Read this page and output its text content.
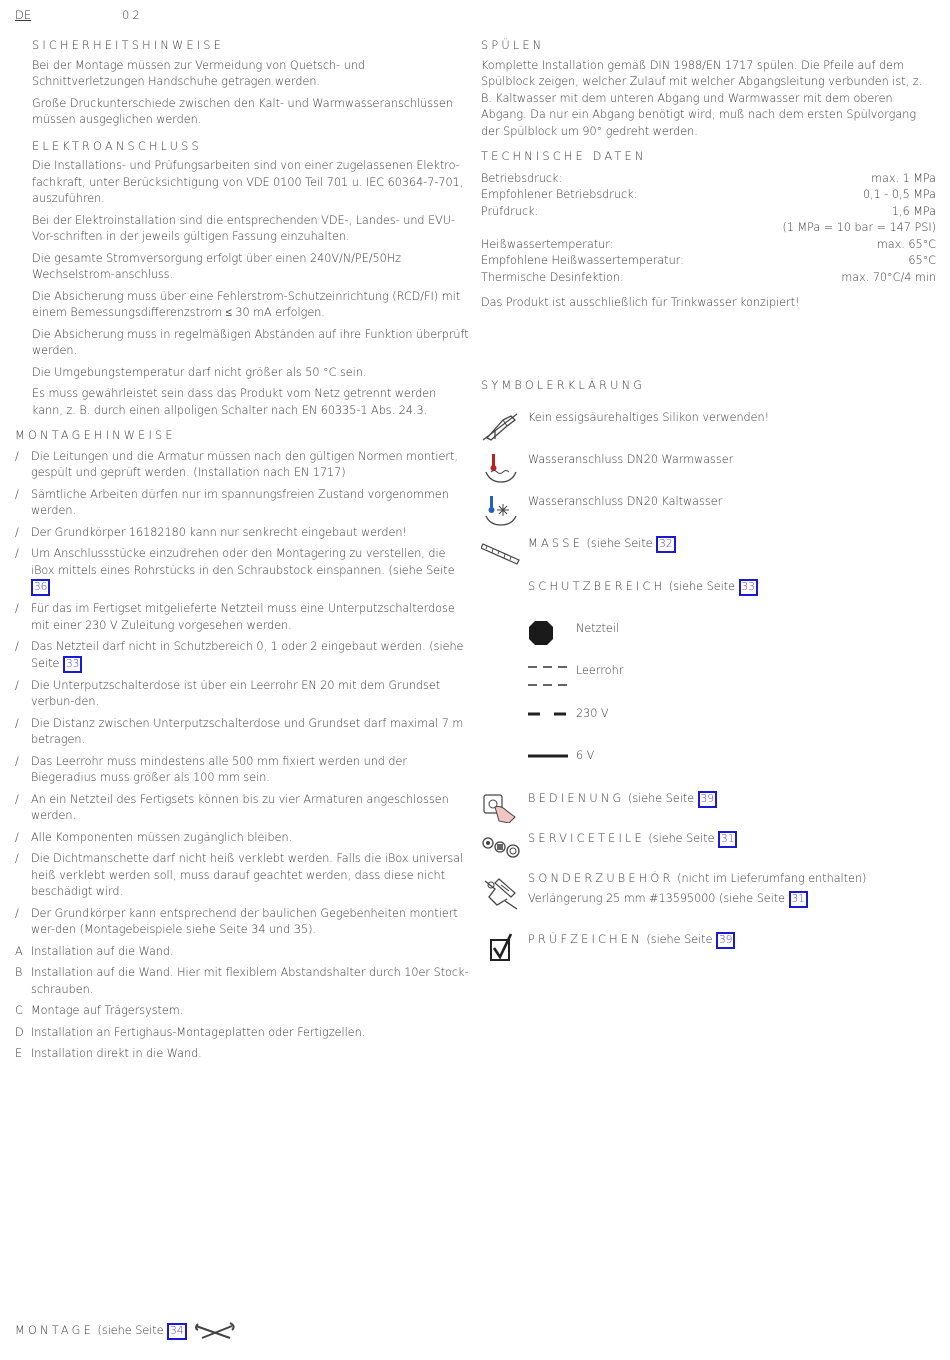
DE	02
SICHERHEITSHINWEISE
Bei der Montage müssen zur Vermeidung von Quetsch- und Schnittverletzungen Handschuhe getragen werden.
Große Druckunterschiede zwischen den Kalt- und Warmwasseranschlüssen müssen ausgeglichen werden.
ELEKTROANSCHLUSS
Die Installations- und Prüfungsarbeiten sind von einer zugelassenen Elektro-fachkraft, unter Berücksichtigung von VDE 0100 Teil 701 u. IEC 60364-7-701, auszuführen.
Bei der Elektroinstallation sind die entsprechenden VDE-, Landes- und EVU-Vor-schriften in der jeweils gültigen Fassung einzuhalten.
Die gesamte Stromversorgung erfolgt über einen 240V/N/PE/50Hz Wechselstrom-anschluss.
Die Absicherung muss über eine Fehlerstrom-Schutzeinrichtung (RCD/FI) mit einem Bemessungsdifferenzstrom ≤ 30 mA erfolgen.
Die Absicherung muss in regelmäßigen Abständen auf ihre Funktion überprüft werden.
Die Umgebungstemperatur darf nicht größer als 50 °C sein.
Es muss gewährleistet sein dass das Produkt vom Netz getrennt werden kann, z. B. durch einen allpoligen Schalter nach EN 60335-1 Abs. 24.3.
MONTAGEHINWEISE
/ Die Leitungen und die Armatur müssen nach den gültigen Normen montiert, gespült und geprüft werden. (Installation nach EN 1717)
/ Sämtliche Arbeiten dürfen nur im spannungsfreien Zustand vorgenommen werden.
/ Der Grundkörper 16182180 kann nur senkrecht eingebaut werden!
/ Um Anschlussstücke einzudrehen oder den Montagering zu verstellen, die iBox mittels eines Rohrstücks in den Schraubstock einspannen. (siehe Seite 36
/ Für das im Fertigset mitgelieferte Netzteil muss eine Unterputzschalterdose mit einer 230 V Zuleitung vorgesehen werden.
/ Das Netzteil darf nicht in Schutzbereich 0, 1 oder 2 eingebaut werden. (siehe Seite 33
/ Die Unterputzschalterdose ist über ein Leerrohr EN 20 mit dem Grundset verbun-den.
/ Die Distanz zwischen Unterputzschalterdose und Grundset darf maximal 7 m betragen.
/ Das Leerrohr muss mindestens alle 500 mm fixiert werden und der Biegeradius muss größer als 100 mm sein.
/ An ein Netzteil des Fertigsets können bis zu vier Armaturen angeschlossen werden.
/ Alle Komponenten müssen zugänglich bleiben.
/ Die Dichtmanschette darf nicht heiß verklebt werden. Falls die iBox universal heiß verklebt werden soll, muss darauf geachtet werden, dass diese nicht beschädigt wird.
/ Der Grundkörper kann entsprechend der baulichen Gegebenheiten montiert wer-den (Montagebeispiele siehe Seite 34 und 35).
A Installation auf die Wand.
B Installation auf die Wand. Hier mit flexiblem Abstandshalter durch 10er Stock-schrauben.
C Montage auf Trägersystem.
D Installation an Fertighaus-Montageplatten oder Fertigzellen.
E Installation direkt in die Wand.
SPÜLEN
Komplette Installation gemäß DIN 1988/EN 1717 spülen. Die Pfeile auf dem Spülblock zeigen, welcher Zulauf mit welcher Abgangsleitung verbunden ist, z. B. Kaltwasser mit dem unteren Abgang und Warmwasser mit dem oberen Abgang. Da nur ein Abgang benötigt wird, muß nach dem ersten Spülvorgang der Spülblock um 90° gedreht werden.
TECHNISCHE DATEN
Betriebsdruck:	max. 1 MPa
Empfohlener Betriebsdruck:	0,1 - 0,5 MPa
Prüfdruck:	1,6 MPa
(1 MPa = 10 bar = 147 PSI)
Heißwassertemperatur:	max. 65°C
Empfohlene Heißwassertemperatur:	65°C
Thermische Desinfektion:	max. 70°C/4 min
Das Produkt ist ausschließlich für Trinkwasser konzipiert!
SYMBOLERKLÄRUNG
Kein essigsäurehaltiges Silikon verwenden!
Wasseranschluss DN20 Warmwasser
Wasseranschluss DN20 Kaltwasser
MASSE (siehe Seite 32
SCHUTZBEREICH (siehe Seite 33
Netzteil
Leerrohr
230 V
6 V
BEDIENUNG (siehe Seite 39
SERVICETEILE (siehe Seite 31
SONDERZUBEHÖR (nicht im Lieferumfang enthalten)
Verlängerung 25 mm #13595000 (siehe Seite 31
PRÜFZEICHEN (siehe Seite 39
MONTAGE (siehe Seite 34
